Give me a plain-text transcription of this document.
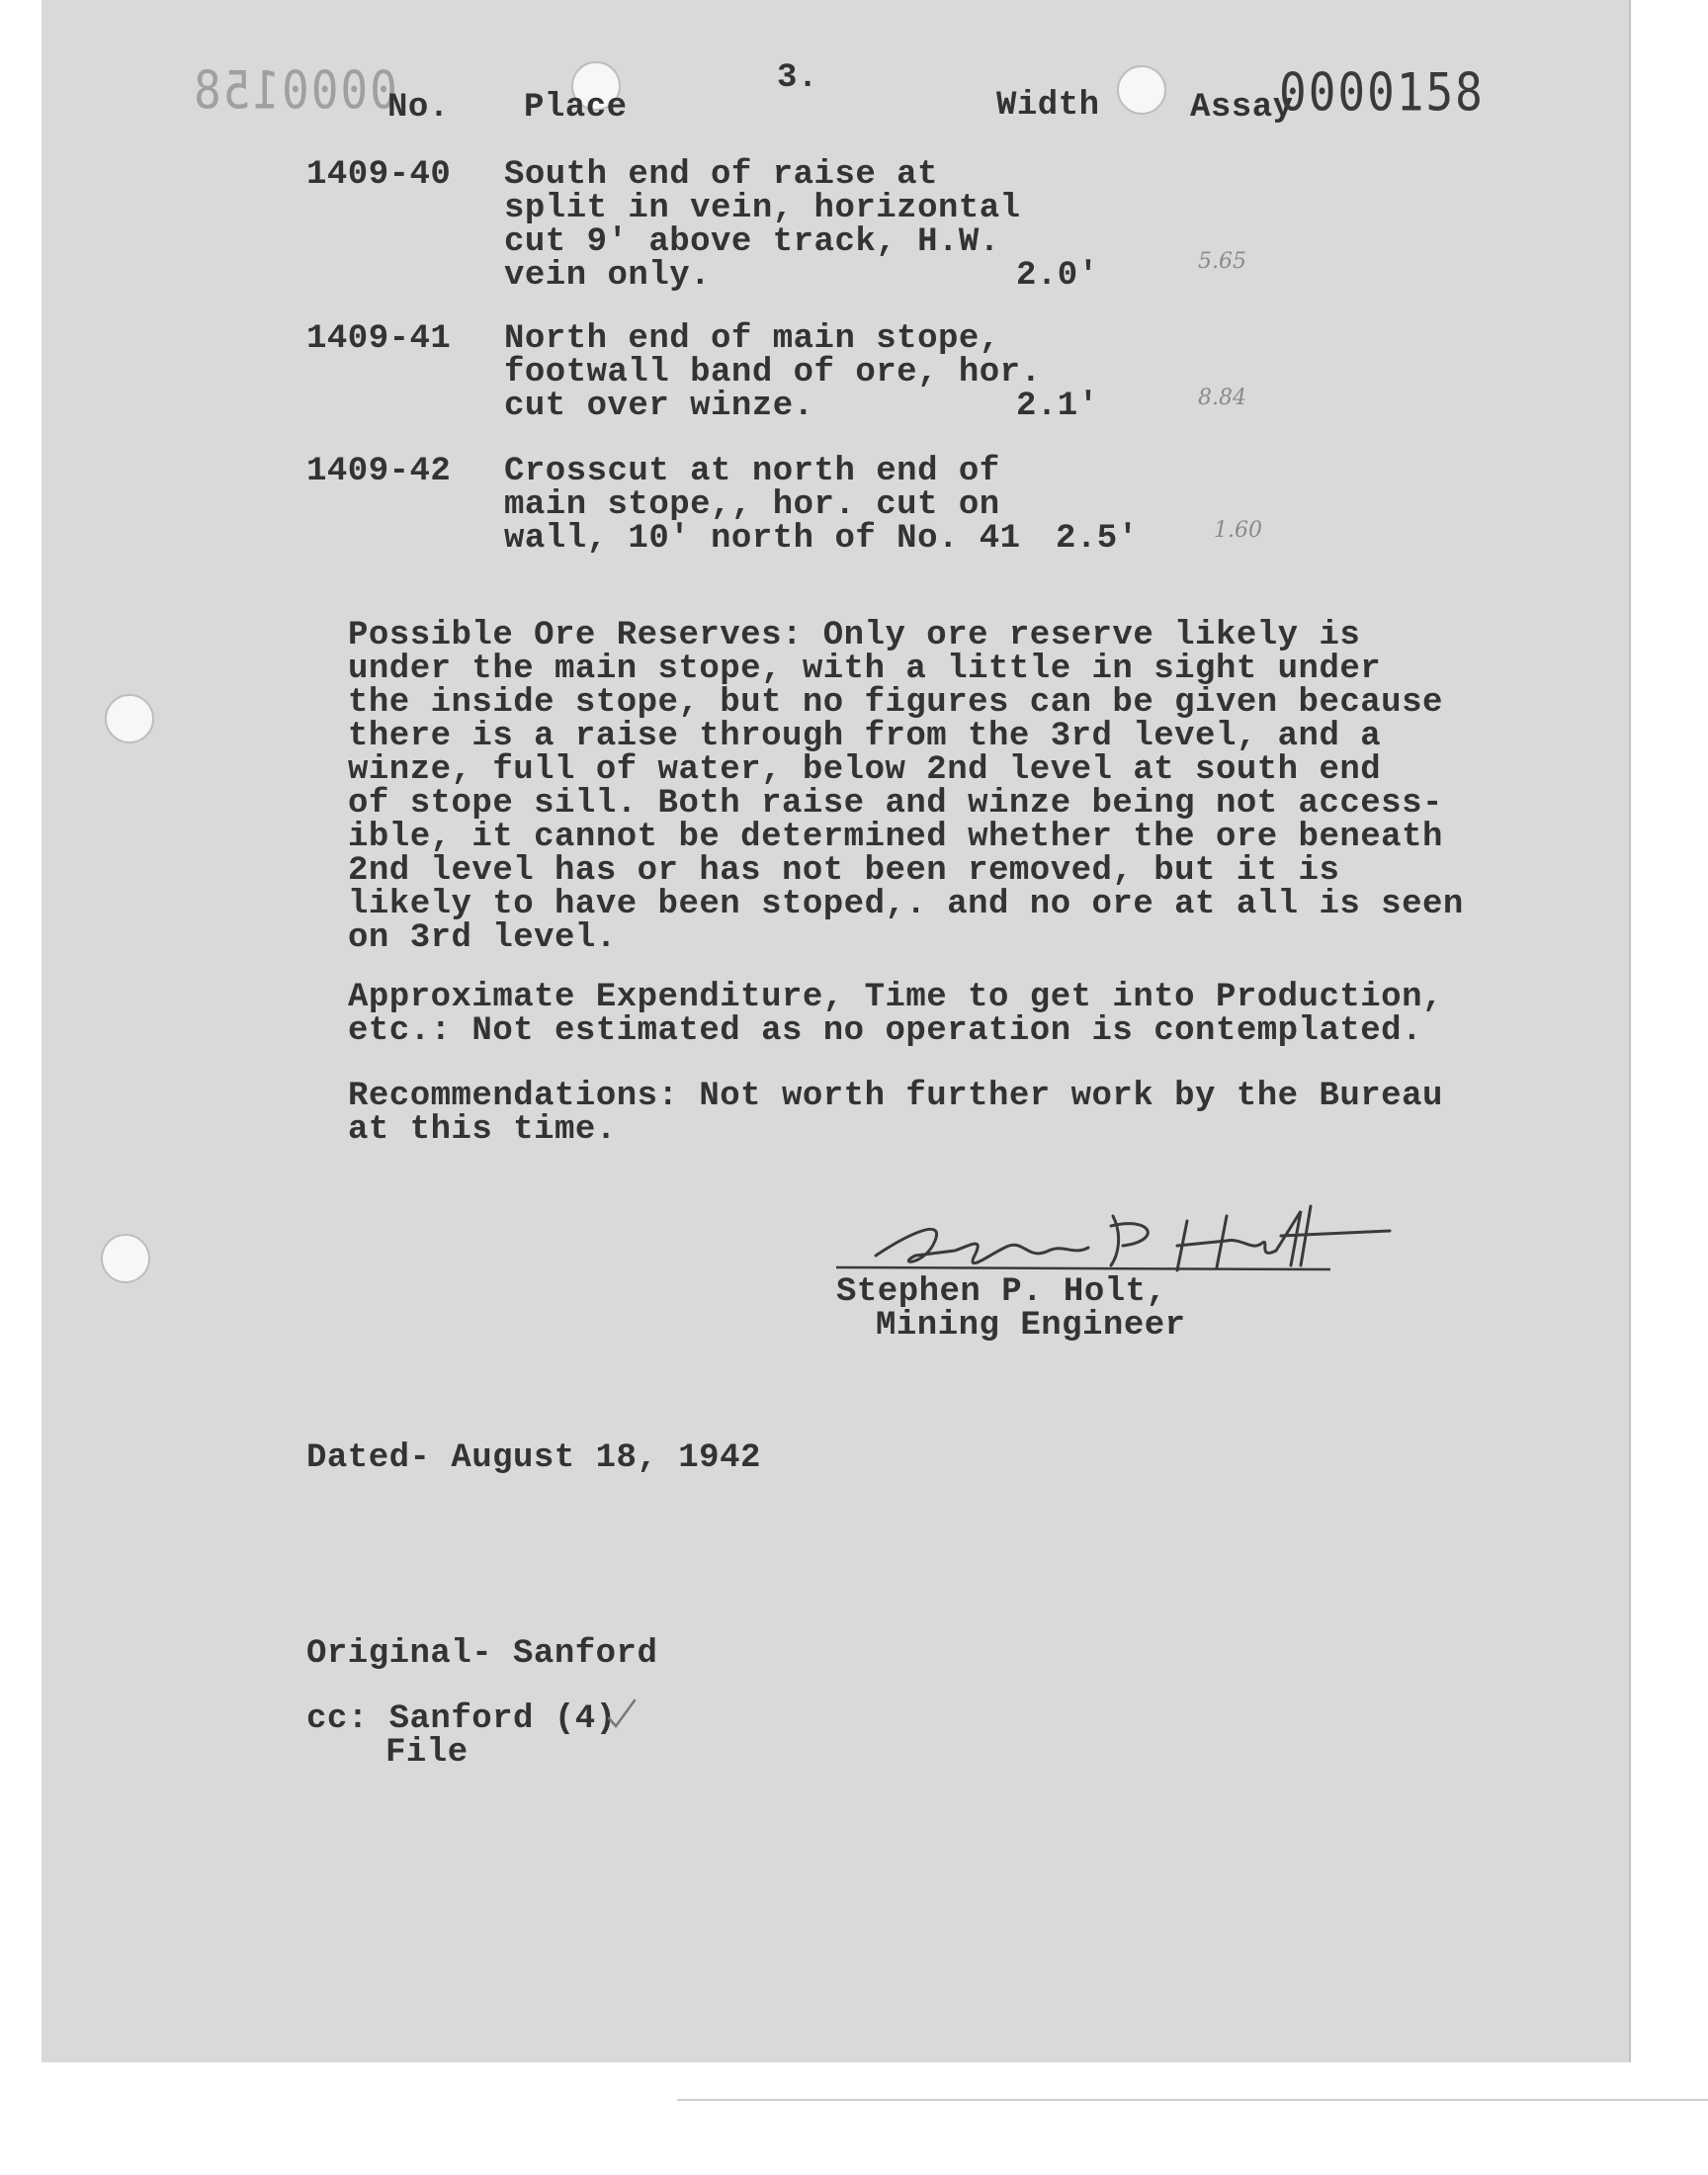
0000158	3.
No. Place	Width	Assay
0000158
1409-40 South end of raise at
split in vein, horizontal
cut 9' above track, H.W.
vein only.	2.0'	5.65
1409-41 North end of main stope,
footwall band of ore, hor.
cut over winze.	2.1'	8.84
1409-42 Crosscut at north end of
main stope,, hor. cut on
wall, 10' north of No. 41 2.5'	1.60
Possible Ore Reserves: Only ore reserve likely is
under the main stope, with a little in sight under
the inside stope, but no figures can be given because
there is a raise through from the 3rd level, and a
winze, full of water, below 2nd level at south end
of stope sill. Both raise and winze being not access-
ible, it cannot be determined whether the ore beneath
2nd level has or has not been removed, but it is
likely to have been stoped,. and no ore at all is seen
on 3rd level.
Approximate Expenditure, Time to get into Production,
etc.: Not estimated as no operation is contemplated.
Recommendations: Not worth further work by the Bureau
at this time.
Stephen P. Holt,
Mining Engineer
Dated- August 18, 1942
Original- Sanford
cc: Sanford (4)
File
